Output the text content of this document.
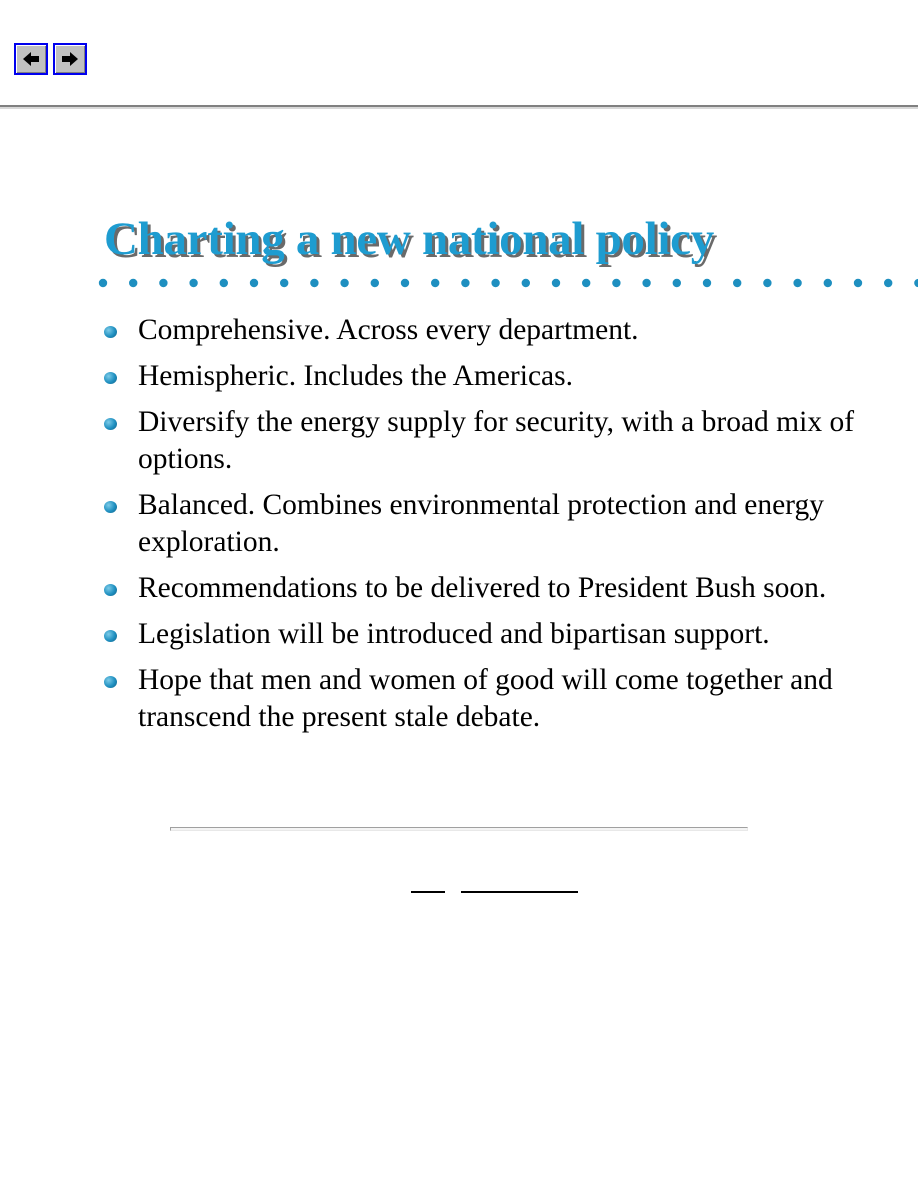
Charting a new national policy
Comprehensive. Across every department.
Hemispheric. Includes the Americas.
Diversify the energy supply for security, with a broad mix of options.
Balanced. Combines environmental protection and energy exploration.
Recommendations to be delivered to President Bush soon.
Legislation will be introduced and bipartisan support.
Hope that men and women of good will come together and transcend the present stale debate.
